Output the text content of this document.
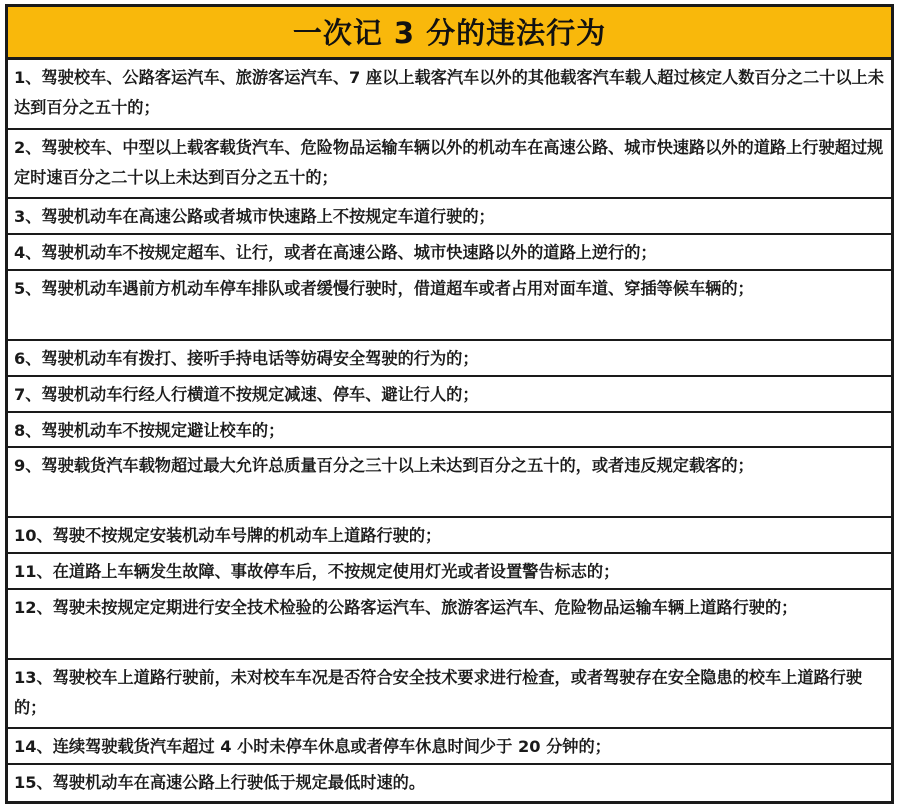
一次记 3 分的违法行为
1、驾驶校车、公路客运汽车、旅游客运汽车、7 座以上载客汽车以外的其他载客汽车载人超过核定人数百分之二十以上未达到百分之五十的；
2、驾驶校车、中型以上载客载货汽车、危险物品运输车辆以外的机动车在高速公路、城市快速路以外的道路上行驶超过规定时速百分之二十以上未达到百分之五十的；
3、驾驶机动车在高速公路或者城市快速路上不按规定车道行驶的；
4、驾驶机动车不按规定超车、让行，或者在高速公路、城市快速路以外的道路上逆行的；
5、驾驶机动车遇前方机动车停车排队或者缓慢行驶时，借道超车或者占用对面车道、穿插等候车辆的；
6、驾驶机动车有拨打、接听手持电话等妨碍安全驾驶的行为的；
7、驾驶机动车行经人行横道不按规定减速、停车、避让行人的；
8、驾驶机动车不按规定避让校车的；
9、驾驶载货汽车载物超过最大允许总质量百分之三十以上未达到百分之五十的，或者违反规定载客的；
10、驾驶不按规定安装机动车号牌的机动车上道路行驶的；
11、在道路上车辆发生故障、事故停车后，不按规定使用灯光或者设置警告标志的；
12、驾驶未按规定定期进行安全技术检验的公路客运汽车、旅游客运汽车、危险物品运输车辆上道路行驶的；
13、驾驶校车上道路行驶前，未对校车车况是否符合安全技术要求进行检查，或者驾驶存在安全隐患的校车上道路行驶的；
14、连续驾驶载货汽车超过 4 小时未停车休息或者停车休息时间少于 20 分钟的；
15、驾驶机动车在高速公路上行驶低于规定最低时速的。
